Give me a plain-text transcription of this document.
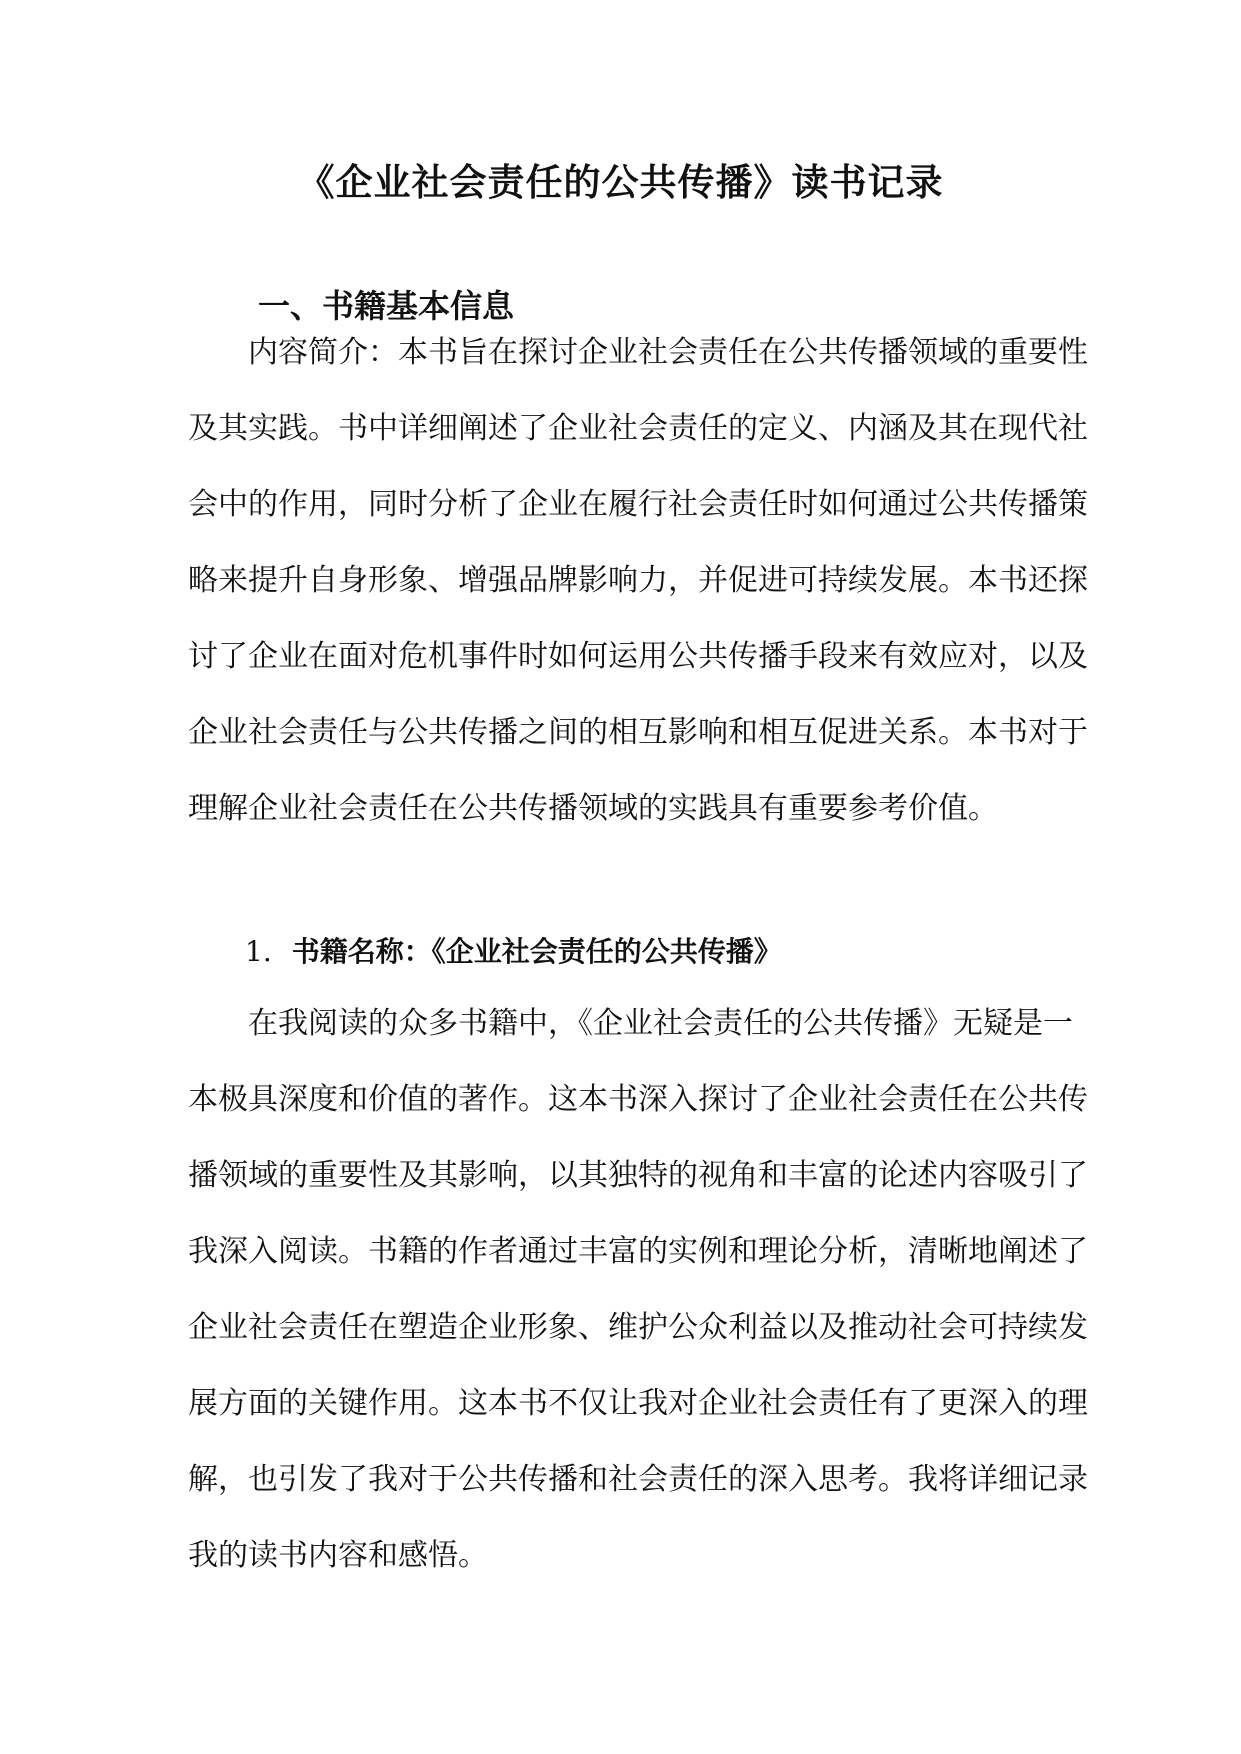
《企业社会责任的公共传播》读书记录
一、书籍基本信息

内容简介：本书旨在探讨企业社会责任在公共传播领域的重要性

及其实践。书中详细阐述了企业社会责任的定义、内涵及其在现代社

会中的作用，同时分析了企业在履行社会责任时如何通过公共传播策

略来提升自身形象、增强品牌影响力，并促进可持续发展。本书还探

讨了企业在面对危机事件时如何运用公共传播手段来有效应对，以及

企业社会责任与公共传播之间的相互影响和相互促进关系。本书对于

理解企业社会责任在公共传播领域的实践具有重要参考价值。

1. 书籍名称：《企业社会责任的公共传播》

在我阅读的众多书籍中，《企业社会责任的公共传播》无疑是一

本极具深度和价值的著作。这本书深入探讨了企业社会责任在公共传

播领域的重要性及其影响，以其独特的视角和丰富的论述内容吸引了

我深入阅读。书籍的作者通过丰富的实例和理论分析，清晰地阐述了

企业社会责任在塑造企业形象、维护公众利益以及推动社会可持续发

展方面的关键作用。这本书不仅让我对企业社会责任有了更深入的理

解，也引发了我对于公共传播和社会责任的深入思考。我将详细记录

我的读书内容和感悟。
